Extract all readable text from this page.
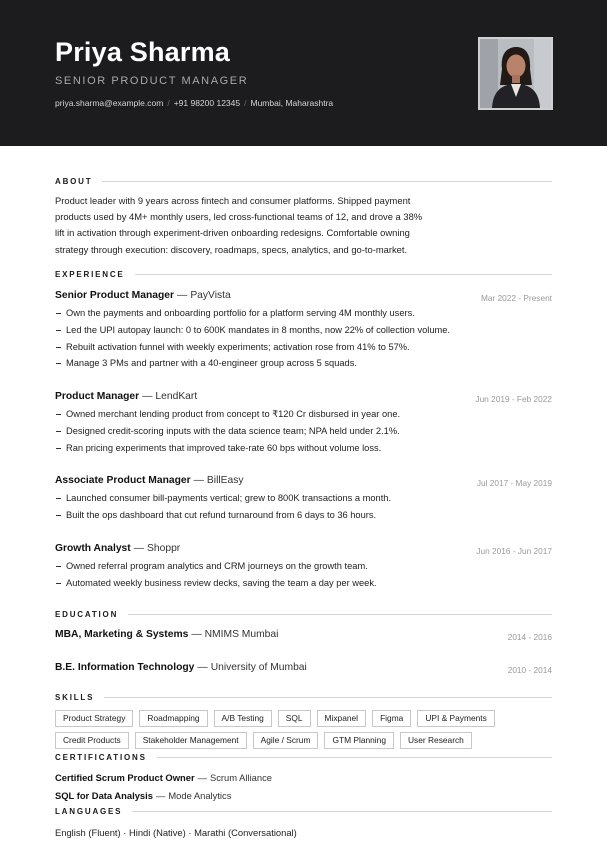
Priya Sharma
SENIOR PRODUCT MANAGER
priya.sharma@example.com / +91 98200 12345 / Mumbai, Maharashtra
ABOUT
Product leader with 9 years across fintech and consumer platforms. Shipped payment products used by 4M+ monthly users, led cross-functional teams of 12, and drove a 38% lift in activation through experiment-driven onboarding redesigns. Comfortable owning strategy through execution: discovery, roadmaps, specs, analytics, and go-to-market.
EXPERIENCE
Senior Product Manager — PayVista	Mar 2022 - Present
Own the payments and onboarding portfolio for a platform serving 4M monthly users.
Led the UPI autopay launch: 0 to 600K mandates in 8 months, now 22% of collection volume.
Rebuilt activation funnel with weekly experiments; activation rose from 41% to 57%.
Manage 3 PMs and partner with a 40-engineer group across 5 squads.
Product Manager — LendKart	Jun 2019 - Feb 2022
Owned merchant lending product from concept to ₹120 Cr disbursed in year one.
Designed credit-scoring inputs with the data science team; NPA held under 2.1%.
Ran pricing experiments that improved take-rate 60 bps without volume loss.
Associate Product Manager — BillEasy	Jul 2017 - May 2019
Launched consumer bill-payments vertical; grew to 800K transactions a month.
Built the ops dashboard that cut refund turnaround from 6 days to 36 hours.
Growth Analyst — Shoppr	Jun 2016 - Jun 2017
Owned referral program analytics and CRM journeys on the growth team.
Automated weekly business review decks, saving the team a day per week.
EDUCATION
MBA, Marketing & Systems — NMIMS Mumbai	2014 - 2016
B.E. Information Technology — University of Mumbai	2010 - 2014
SKILLS
Product Strategy	Roadmapping	A/B Testing	SQL	Mixpanel	Figma	UPI & Payments
Credit Products	Stakeholder Management	Agile / Scrum	GTM Planning	User Research
CERTIFICATIONS
Certified Scrum Product Owner — Scrum Alliance
SQL for Data Analysis — Mode Analytics
LANGUAGES
English (Fluent) · Hindi (Native) · Marathi (Conversational)
